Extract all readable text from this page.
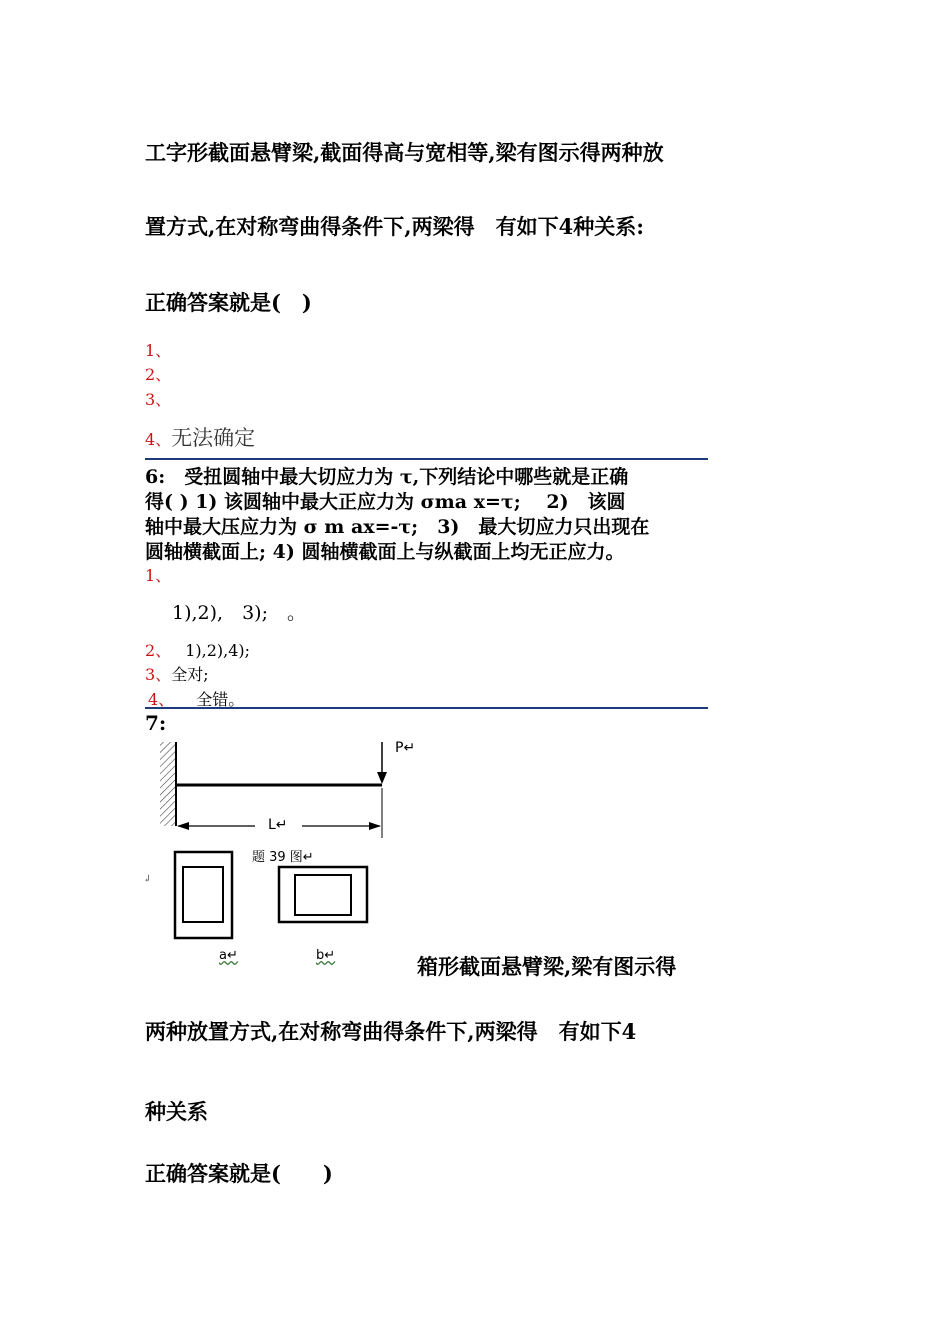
工字形截面悬臂梁,截面得高与宽相等,梁有图示得两种放
置方式,在对称弯曲得条件下,两梁得　有如下4种关系:
正确答案就是(　)
1、
2、
3、
4、无法确定
6:　受扭圆轴中最大切应力为 τ,下列结论中哪些就是正确
得( ) 1) 该圆轴中最大正应力为 σma x=τ;　 2)　该圆
轴中最大压应力为 σ m ax=-τ;　3)　最大切应力只出现在
圆轴横截面上; 4) 圆轴横截面上与纵截面上均无正应力。
1、
1),2),　3);　｡
2、 1),2),4);
3、全对;
4、 全错。
7:
P↵
L↵
题 39 图↵
↲
a↵	b↵	箱形截面悬臂梁,梁有图示得
两种放置方式,在对称弯曲得条件下,两梁得　有如下4
种关系
正确答案就是(　　)
